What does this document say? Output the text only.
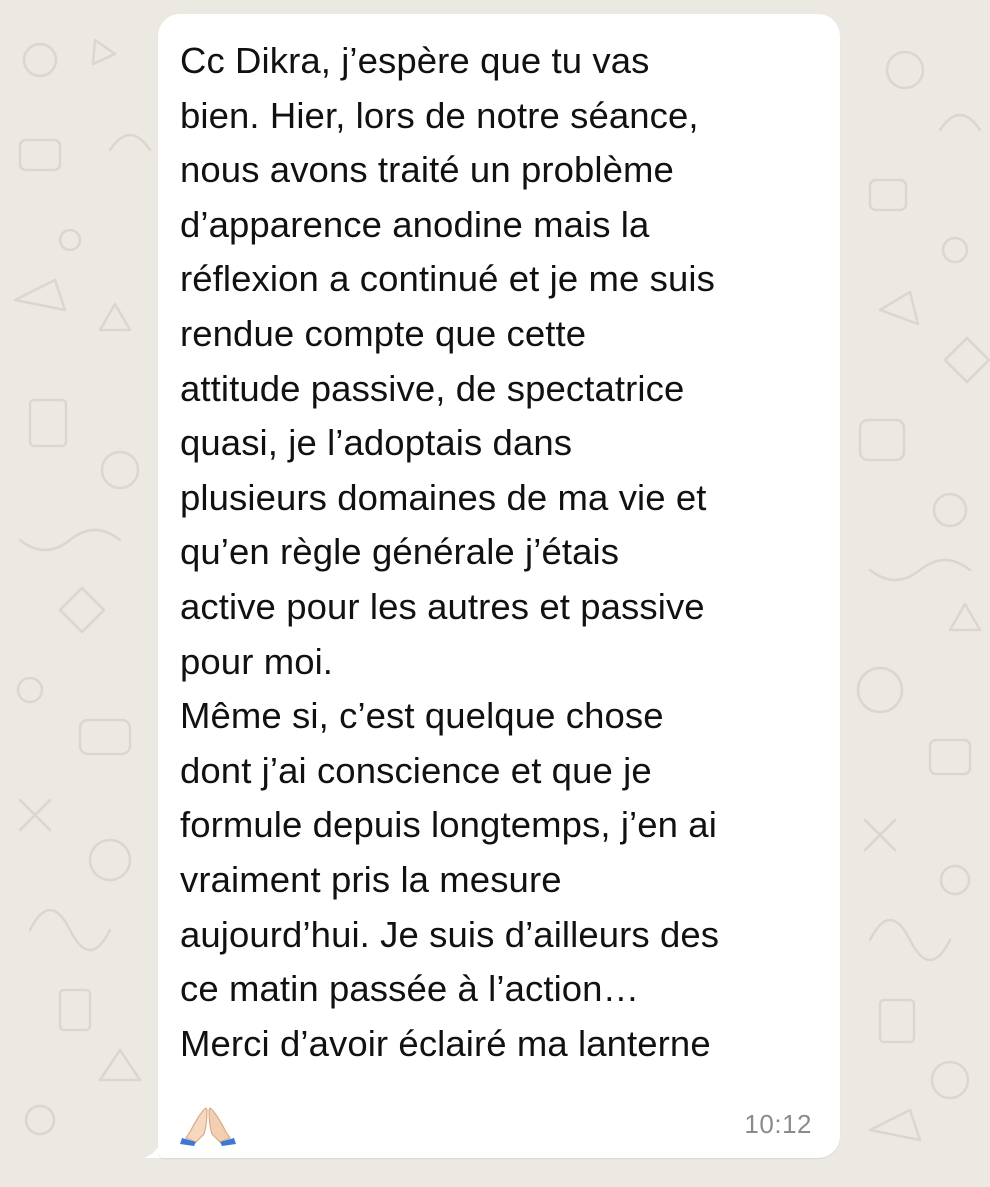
Cc Dikra, j’espère que tu vas
bien. Hier, lors de notre séance,
nous avons traité un problème
d’apparence anodine mais la
réflexion a continué et je me suis
rendue compte que cette
attitude passive, de spectatrice
quasi, je l’adoptais dans
plusieurs domaines de ma vie et
qu’en règle générale j’étais
active pour les autres et passive
pour moi.
Même si, c’est quelque chose
dont j’ai conscience et que je
formule depuis longtemps, j’en ai
vraiment pris la mesure
aujourd’hui. Je suis d’ailleurs des
ce matin passée à l’action…
Merci d’avoir éclairé ma lanterne

10:12
